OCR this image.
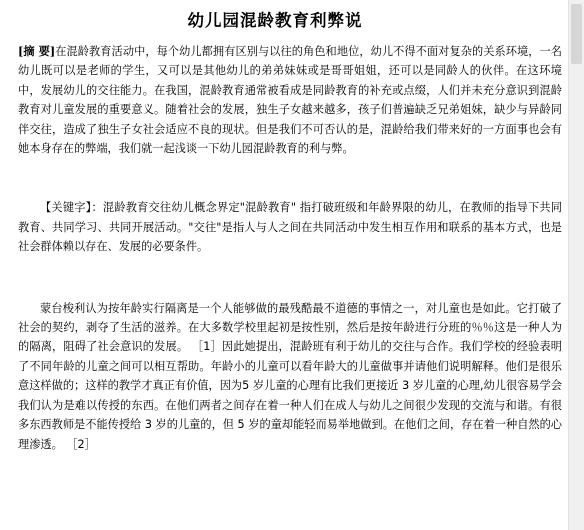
幼儿园混龄教育利弊说

[摘 要]在混龄教育活动中，每个幼儿都拥有区别与以往的角色和地位，幼儿不得不面对复杂的关系环境，一名幼儿既可以是老师的学生，又可以是其他幼儿的弟弟妹妹或是哥哥姐姐，还可以是同龄人的伙伴。在这环境中，发展幼儿的交往能力。在我国，混龄教育通常被看成是同龄教育的补充或点缀，人们并未充分意识到混龄教育对儿童发展的重要意义。随着社会的发展，独生子女越来越多，孩子们普遍缺乏兄弟姐妹，缺少与异龄同伴交往，造成了独生子女社会适应不良的现状。但是我们不可否认的是，混龄给我们带来好的一方面事也会有她本身存在的弊端，我们就一起浅谈一下幼儿园混龄教育的利与弊。

【关键字】：混龄教育交往幼儿概念界定"混龄教育" 指打破班级和年龄界限的幼儿，在教师的指导下共同教育、共同学习、共同开展活动。"交往"是指人与人之间在共同活动中发生相互作用和联系的基本方式，也是社会群体赖以存在、发展的必要条件。

蒙台梭利认为按年龄实行隔离是一个人能够做的最残酷最不道德的事情之一，对儿童也是如此。它打破了社会的契约，剥夺了生活的滋养。在大多数学校里起初是按性别，然后是按年龄进行分班的％％这是一种人为的隔离，阻碍了社会意识的发展。 ［1］因此她提出，混龄班有利于幼儿的交往与合作。我们学校的经验表明了不同年龄的儿童之间可以相互帮助。年龄小的儿童可以看年龄大的儿童做事并请他们说明解释。他们是很乐意这样做的；这样的教学才真正有价值，因为5 岁儿童的心理有比我们更接近 3 岁儿童的心理,幼儿很容易学会我们认为是难以传授的东西。在他们两者之间存在着一种人们在成人与幼儿之间很少发现的交流与和谐。有很多东西教师是不能传授给 3 岁的儿童的，但 5 岁的童却能轻而易举地做到。在他们之间，存在着一种自然的心理渗透。 ［2］
